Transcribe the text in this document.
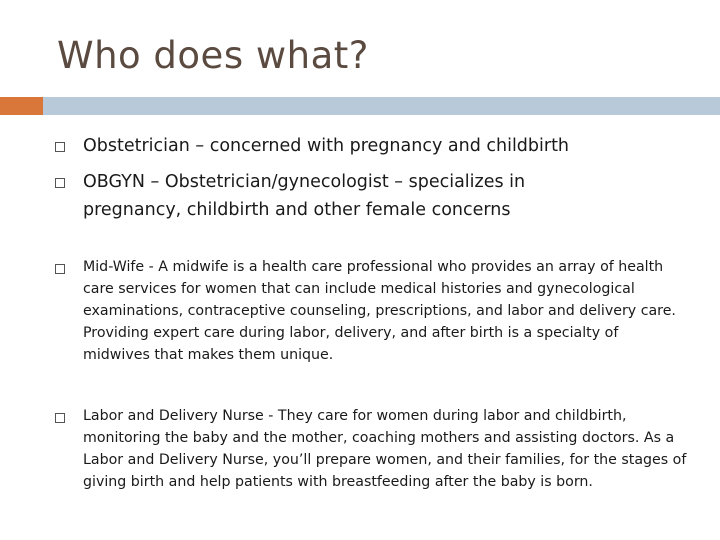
Who does what?
Obstetrician – concerned with pregnancy and childbirth
OBGYN – Obstetrician/gynecologist – specializes in pregnancy, childbirth and other female concerns
Mid-Wife - A midwife is a health care professional who provides an array of health care services for women that can include medical histories and gynecological examinations, contraceptive counseling, prescriptions, and labor and delivery care. Providing expert care during labor, delivery, and after birth is a specialty of midwives that makes them unique.
Labor and Delivery Nurse - They care for women during labor and childbirth, monitoring the baby and the mother, coaching mothers and assisting doctors. As a Labor and Delivery Nurse, you’ll prepare women, and their families, for the stages of giving birth and help patients with breastfeeding after the baby is born.
